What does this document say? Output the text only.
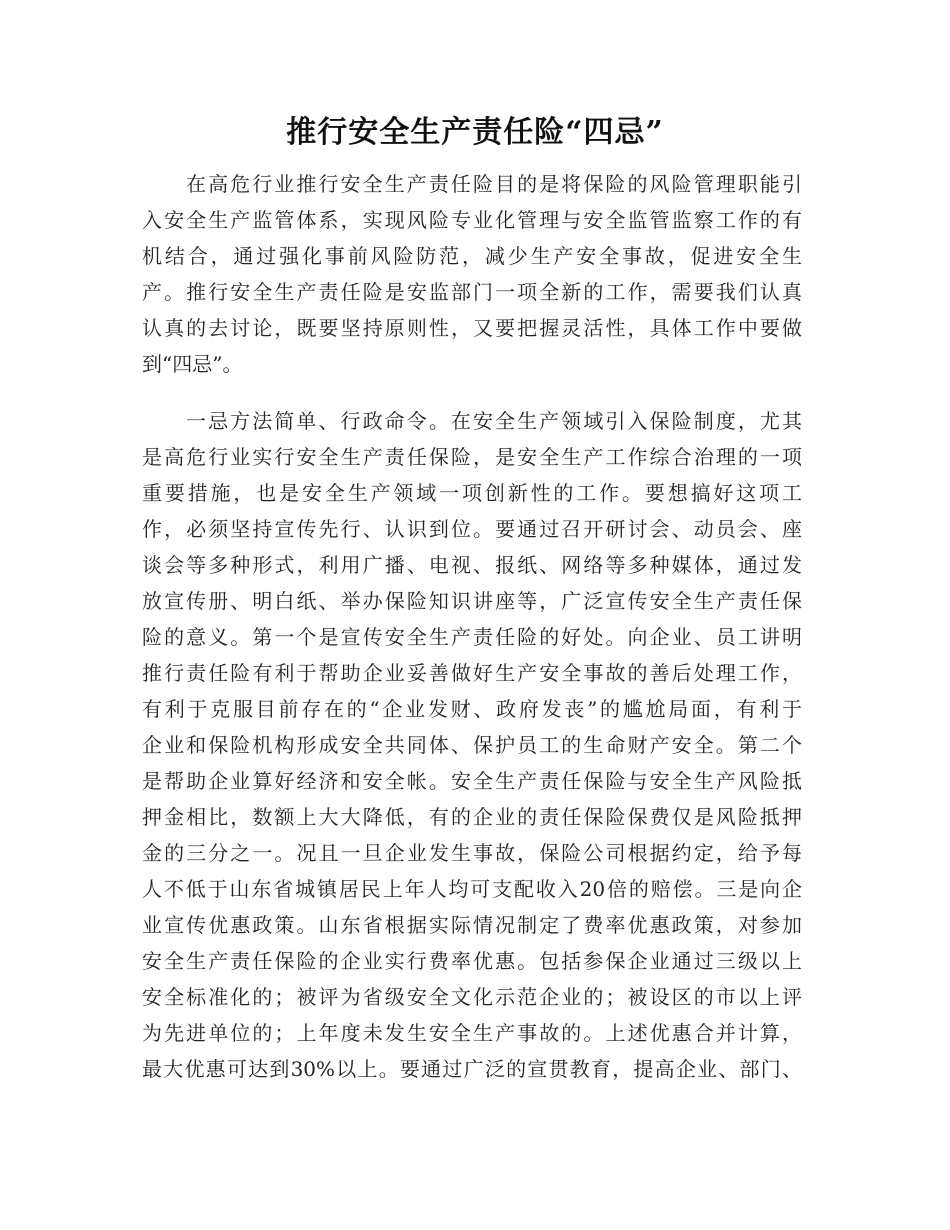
推行安全生产责任险“四忌”

在高危行业推行安全生产责任险目的是将保险的风险管理职能引

入安全生产监管体系，实现风险专业化管理与安全监管监察工作的有

机结合，通过强化事前风险防范，减少生产安全事故，促进安全生

产。推行安全生产责任险是安监部门一项全新的工作，需要我们认真

认真的去讨论，既要坚持原则性，又要把握灵活性，具体工作中要做

到“四忌”。

一忌方法简单、行政命令。在安全生产领域引入保险制度，尤其

是高危行业实行安全生产责任保险，是安全生产工作综合治理的一项

重要措施，也是安全生产领域一项创新性的工作。要想搞好这项工

作，必须坚持宣传先行、认识到位。要通过召开研讨会、动员会、座

谈会等多种形式，利用广播、电视、报纸、网络等多种媒体，通过发

放宣传册、明白纸、举办保险知识讲座等，广泛宣传安全生产责任保

险的意义。第一个是宣传安全生产责任险的好处。向企业、员工讲明

推行责任险有利于帮助企业妥善做好生产安全事故的善后处理工作，

有利于克服目前存在的“企业发财、政府发丧”的尴尬局面，有利于

企业和保险机构形成安全共同体、保护员工的生命财产安全。第二个

是帮助企业算好经济和安全帐。安全生产责任保险与安全生产风险抵

押金相比，数额上大大降低，有的企业的责任保险保费仅是风险抵押

金的三分之一。况且一旦企业发生事故，保险公司根据约定，给予每

人不低于山东省城镇居民上年人均可支配收入20倍的赔偿。三是向企

业宣传优惠政策。山东省根据实际情况制定了费率优惠政策，对参加

安全生产责任保险的企业实行费率优惠。包括参保企业通过三级以上

安全标准化的；被评为省级安全文化示范企业的；被设区的市以上评

为先进单位的；上年度未发生安全生产事故的。上述优惠合并计算，

最大优惠可达到30%以上。要通过广泛的宣贯教育，提高企业、部门、
